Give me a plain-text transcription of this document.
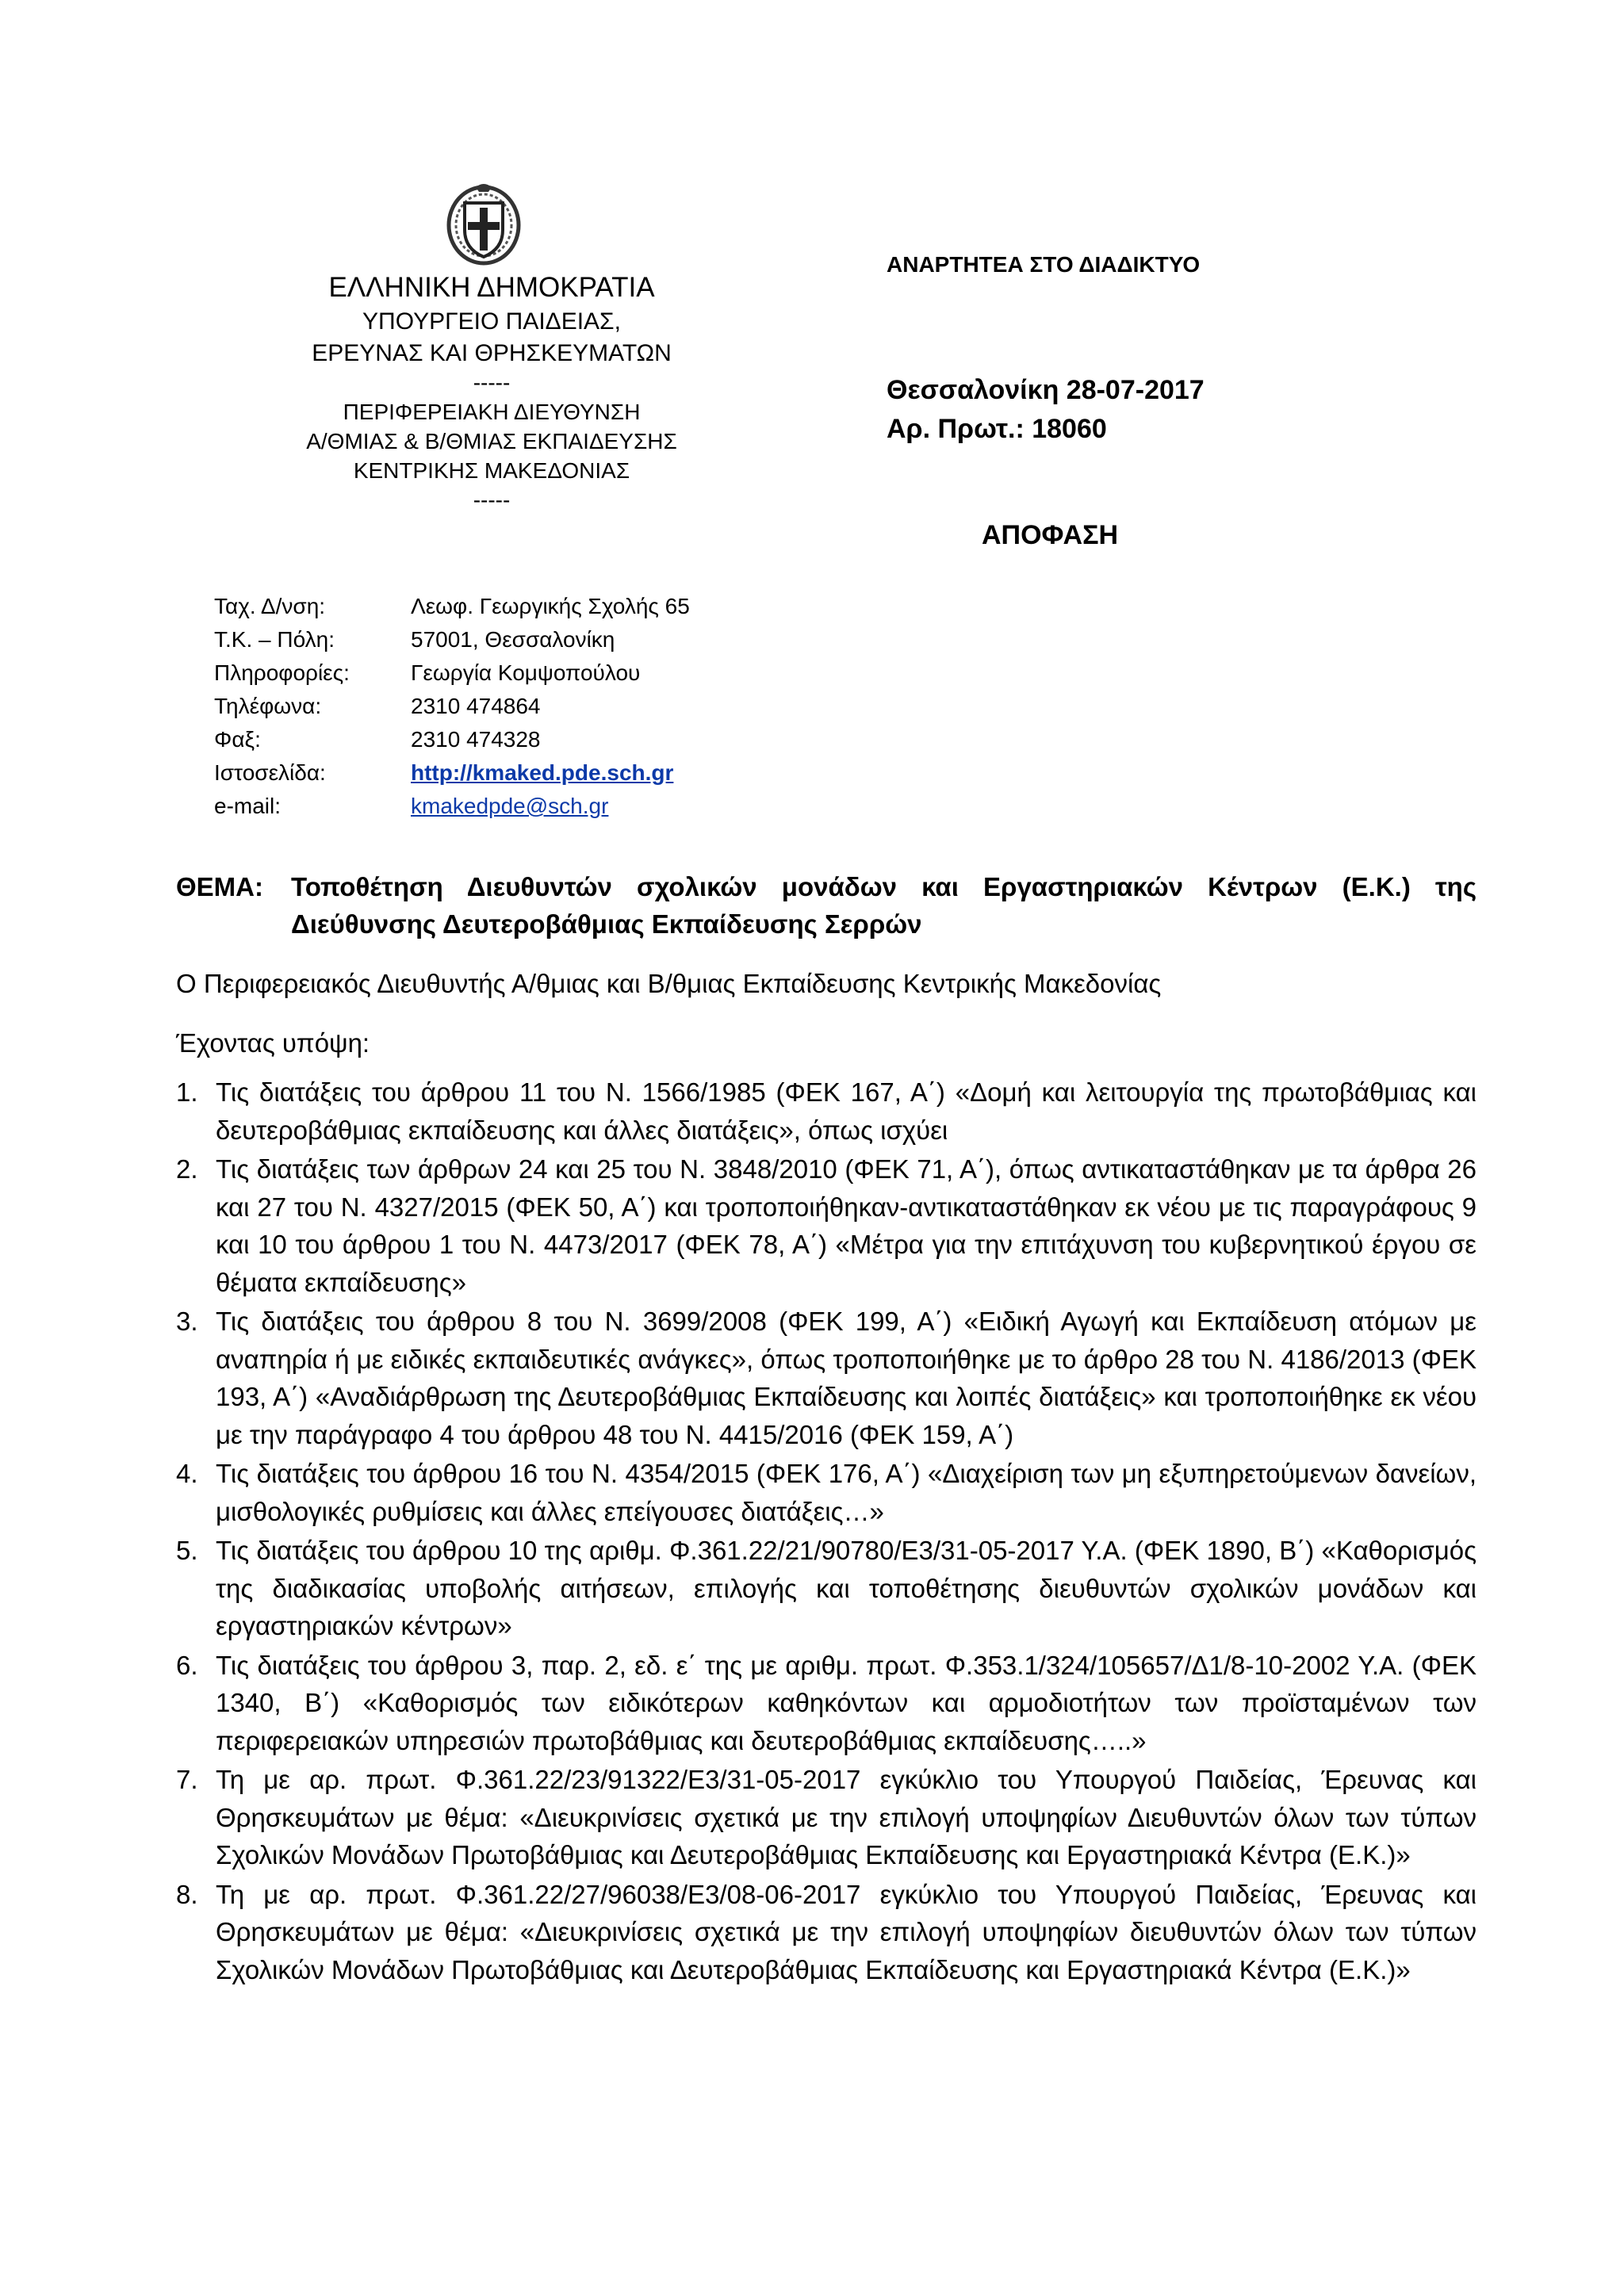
ΕΛΛΗΝΙΚΗ ΔΗΜΟΚΡΑΤΙΑ
ΥΠΟΥΡΓΕΙΟ ΠΑΙΔΕΙΑΣ,
ΕΡΕΥΝΑΣ ΚΑΙ ΘΡΗΣΚΕΥΜΑΤΩΝ
-----
ΠΕΡΙΦΕΡΕΙΑΚΗ ΔΙΕΥΘΥΝΣΗ
Α/ΘΜΙΑΣ & Β/ΘΜΙΑΣ ΕΚΠΑΙΔΕΥΣΗΣ
ΚΕΝΤΡΙΚΗΣ ΜΑΚΕΔΟΝΙΑΣ
-----
ΑΝΑΡΤΗΤΕΑ ΣΤΟ ΔΙΑΔΙΚΤΥΟ
Θεσσαλονίκη 28-07-2017
Αρ. Πρωτ.: 18060
ΑΠΟΦΑΣΗ
Ταχ. Δ/νση:	Λεωφ. Γεωργικής Σχολής 65
Τ.Κ. – Πόλη:	57001, Θεσσαλονίκη
Πληροφορίες:	Γεωργία Κομψοπούλου
Τηλέφωνα:	2310 474864
Φαξ:	2310 474328
Ιστοσελίδα:	http://kmaked.pde.sch.gr
e-mail:	kmakedpde@sch.gr
ΘΕΜΑ: Τοποθέτηση Διευθυντών σχολικών μονάδων και Εργαστηριακών Κέντρων (Ε.Κ.) της Διεύθυνσης Δευτεροβάθμιας Εκπαίδευσης Σερρών
Ο Περιφερειακός Διευθυντής Α/θμιας και Β/θμιας Εκπαίδευσης Κεντρικής Μακεδονίας
Έχοντας υπόψη:
1. Τις διατάξεις του άρθρου 11 του Ν. 1566/1985 (ΦΕΚ 167, Α΄) «Δομή και λειτουργία της πρωτοβάθμιας και δευτεροβάθμιας εκπαίδευσης και άλλες διατάξεις», όπως ισχύει
2. Τις διατάξεις των άρθρων 24 και 25 του Ν. 3848/2010 (ΦΕΚ 71, Α΄), όπως αντικαταστάθηκαν με τα άρθρα 26 και 27 του Ν. 4327/2015 (ΦΕΚ 50, Α΄) και τροποποιήθηκαν-αντικαταστάθηκαν εκ νέου με τις παραγράφους 9 και 10 του άρθρου 1 του Ν. 4473/2017 (ΦΕΚ 78, Α΄) «Μέτρα για την επιτάχυνση του κυβερνητικού έργου σε θέματα εκπαίδευσης»
3. Τις διατάξεις του άρθρου 8 του Ν. 3699/2008 (ΦΕΚ 199, Α΄) «Ειδική Αγωγή και Εκπαίδευση ατόμων με αναπηρία ή με ειδικές εκπαιδευτικές ανάγκες», όπως τροποποιήθηκε με το άρθρο 28 του Ν. 4186/2013 (ΦΕΚ 193, Α΄) «Αναδιάρθρωση της Δευτεροβάθμιας Εκπαίδευσης και λοιπές διατάξεις» και τροποποιήθηκε εκ νέου με την παράγραφο 4 του άρθρου 48 του Ν. 4415/2016 (ΦΕΚ 159, Α΄)
4. Τις διατάξεις του άρθρου 16 του Ν. 4354/2015 (ΦΕΚ 176, Α΄) «Διαχείριση των μη εξυπηρετούμενων δανείων, μισθολογικές ρυθμίσεις και άλλες επείγουσες διατάξεις…»
5. Τις διατάξεις του άρθρου 10 της αριθμ. Φ.361.22/21/90780/Ε3/31-05-2017 Υ.Α. (ΦΕΚ 1890, Β΄) «Καθορισμός της διαδικασίας υποβολής αιτήσεων, επιλογής και τοποθέτησης διευθυντών σχολικών μονάδων και εργαστηριακών κέντρων»
6. Τις διατάξεις του άρθρου 3, παρ. 2, εδ. ε΄ της με αριθμ. πρωτ. Φ.353.1/324/105657/Δ1/8-10-2002 Υ.Α. (ΦΕΚ 1340, Β΄) «Καθορισμός των ειδικότερων καθηκόντων και αρμοδιοτήτων των προϊσταμένων των περιφερειακών υπηρεσιών πρωτοβάθμιας και δευτεροβάθμιας εκπαίδευσης…..»
7. Τη με αρ. πρωτ. Φ.361.22/23/91322/Ε3/31-05-2017 εγκύκλιο του Υπουργού Παιδείας, Έρευνας και Θρησκευμάτων με θέμα: «Διευκρινίσεις σχετικά με την επιλογή υποψηφίων Διευθυντών όλων των τύπων Σχολικών Μονάδων Πρωτοβάθμιας και Δευτεροβάθμιας Εκπαίδευσης και Εργαστηριακά Κέντρα (Ε.Κ.)»
8. Τη με αρ. πρωτ. Φ.361.22/27/96038/Ε3/08-06-2017 εγκύκλιο του Υπουργού Παιδείας, Έρευνας και Θρησκευμάτων με θέμα: «Διευκρινίσεις σχετικά με την επιλογή υποψηφίων διευθυντών όλων των τύπων Σχολικών Μονάδων Πρωτοβάθμιας και Δευτεροβάθμιας Εκπαίδευσης και Εργαστηριακά Κέντρα (Ε.Κ.)»
